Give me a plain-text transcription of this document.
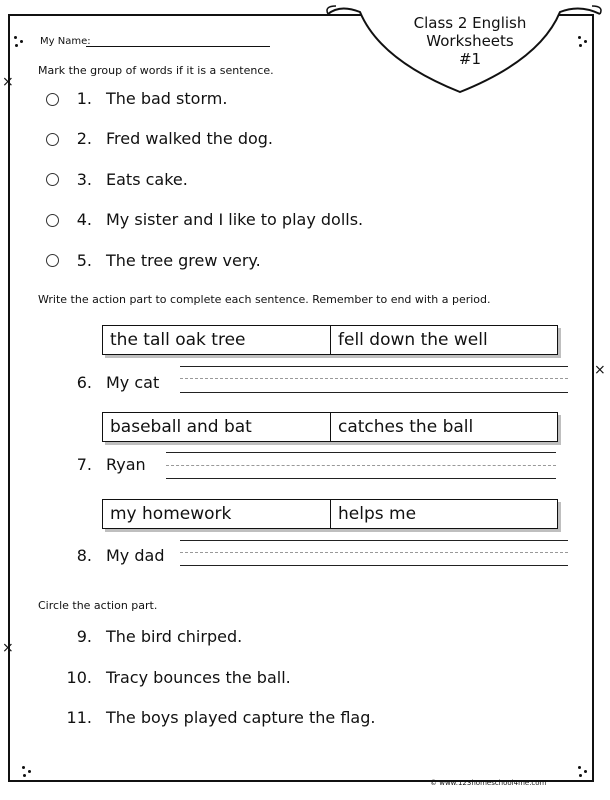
Class 2 English
Worksheets
#1
⨯
⨯
⨯
My Name:
Mark the group of words if it is a sentence.
1. The bad storm.
2. Fred walked the dog.
3. Eats cake.
4. My sister and I like to play dolls.
5. The tree grew very.
Write the action part to complete each sentence. Remember to end with a period.
the tall oak tree	fell down the well
6. My cat
baseball and bat	catches the ball
7. Ryan
my homework	helps me
8. My dad
Circle the action part.
9. The bird chirped.
10. Tracy bounces the ball.
11. The boys played capture the flag.
© www.123homeschool4me.com
